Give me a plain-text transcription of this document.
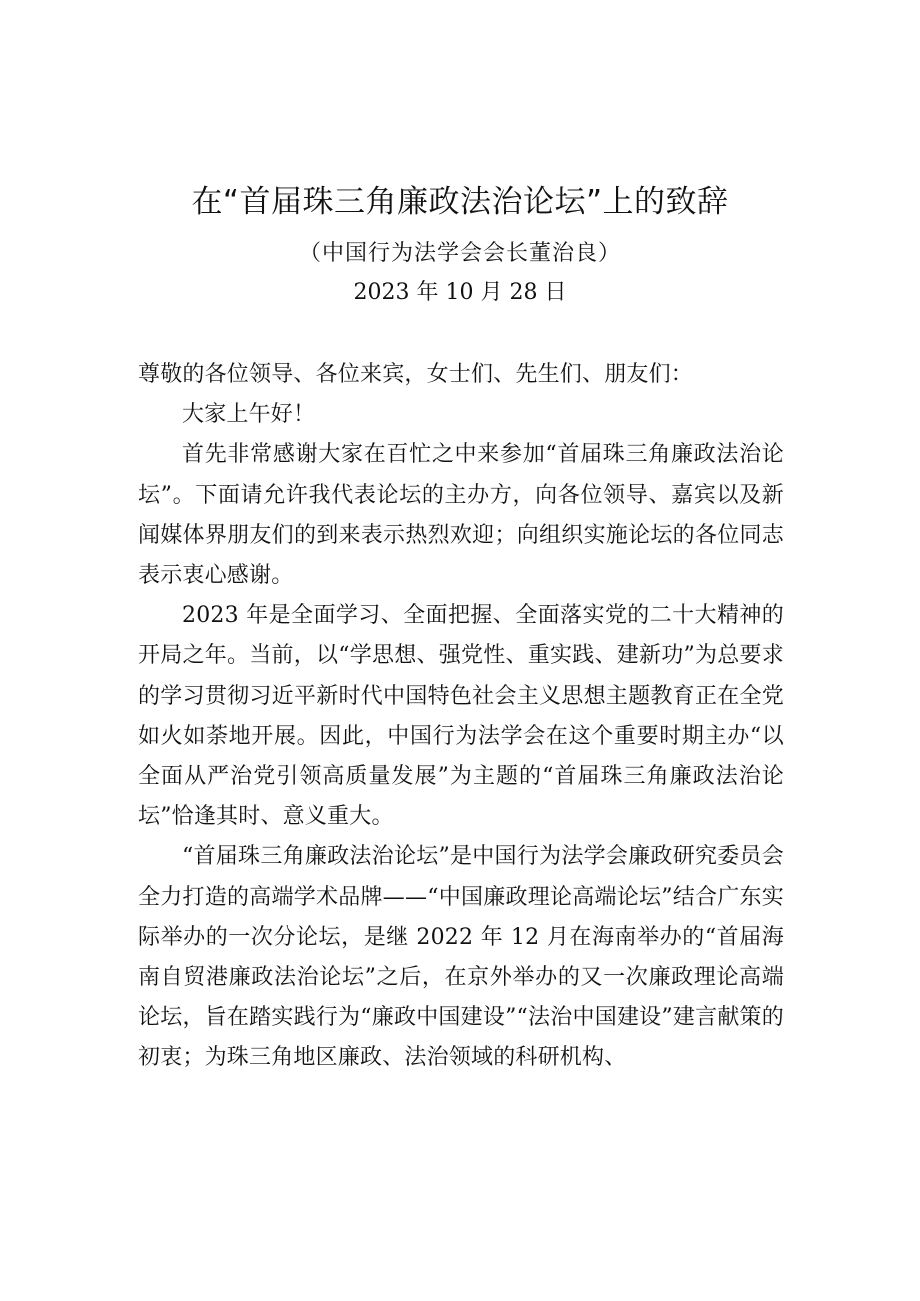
在“首届珠三角廉政法治论坛”上的致辞
（中国行为法学会会长董治良）
2023 年 10 月 28 日

尊敬的各位领导、各位来宾，女士们、先生们、朋友们：

大家上午好！

首先非常感谢大家在百忙之中来参加“首届珠三角廉政法治论坛”。下面请允许我代表论坛的主办方，向各位领导、嘉宾以及新闻媒体界朋友们的到来表示热烈欢迎；向组织实施论坛的各位同志表示衷心感谢。

2023 年是全面学习、全面把握、全面落实党的二十大精神的开局之年。当前，以“学思想、强党性、重实践、建新功”为总要求的学习贯彻习近平新时代中国特色社会主义思想主题教育正在全党如火如荼地开展。因此，中国行为法学会在这个重要时期主办“以全面从严治党引领高质量发展”为主题的“首届珠三角廉政法治论坛”恰逢其时、意义重大。

“首届珠三角廉政法治论坛”是中国行为法学会廉政研究委员会全力打造的高端学术品牌——“中国廉政理论高端论坛”结合广东实际举办的一次分论坛，是继 2022 年 12 月在海南举办的“首届海南自贸港廉政法治论坛”之后，在京外举办的又一次廉政理论高端论坛，旨在踏实践行为“廉政中国建设”“法治中国建设”建言献策的初衷；为珠三角地区廉政、法治领域的科研机构、
